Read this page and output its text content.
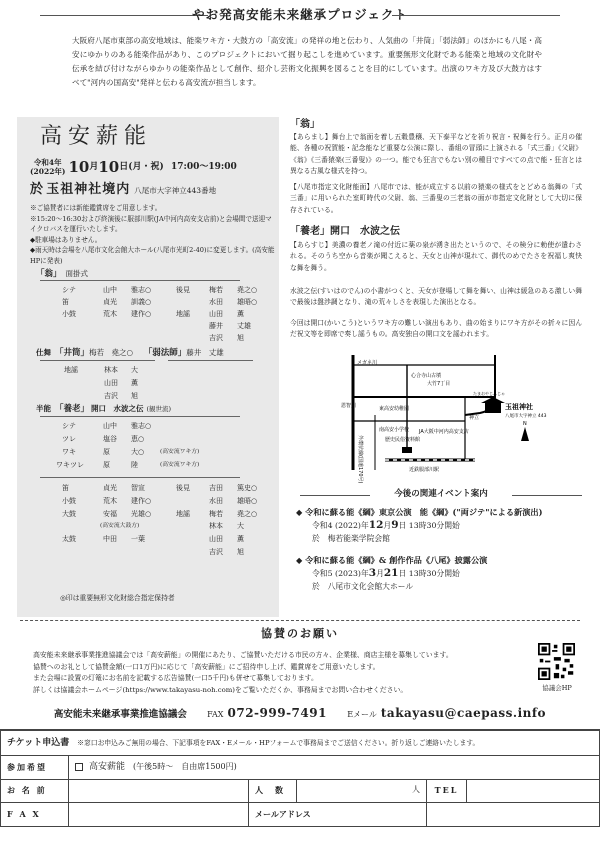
やお発高安能未来継承プロジェクト
大阪府八尾市東部の高安地域は、能楽ワキ方・大鼓方の「高安流」の発祥の地と伝わり、人気曲の「井筒」「弱法師」のほかにも八尾・高安にゆかりのある能楽作品があり、このプロジェクトにおいて掘り起こしを進めています。重要無形文化財である能楽と地域の文化財や伝承を結び付けながらゆかりの能楽作品として創作、紹介し芸術文化振興を図ることを目的にしています。出演のワキ方及び大鼓方はすべて"河内の国高安"発祥と伝わる高安流が担当します。
高安薪能
令和4年
(2022年) 10月10日(月・祝) 17:00～19:00
於 玉祖神社境内 八尾市大字神立443番地
※ご協賛者には新能鑑賞席をご用意します。
※15:20～16:30および終演後に服部川駅(JA中河内高安支店前)と会場間で送迎マイクロバスを運行いたします。
◆駐車場はありません。
◆雨天時は会場を八尾市文化会館大ホール(八尾市光町2-40)に変更します。(高安能HPに発表)
「翁」 面掛式
シテ	山中 雅志○	後見	梅若 堯之○
笛	貞光 訓義○	水田 雄晤○
小鼓	荒木 建作○	地謡	山田 薫
藤井 丈雄
吉沢 旭
仕舞 「井筒」梅若　堯之○ 「弱法師」藤井　丈雄
地謡	林本 大
山田 薫
吉沢 旭
半能 「養老」 開口　水波之伝 (観世流)
シテ	山中 雅志○
ツレ	塩谷 恵○
ワキ	原	大○	(高安流ワキ方)
ワキツレ	原	陸	(高安流ワキ方)
笛	貞光 智宣	後見	吉田 篤史○
小鼓	荒木 建作○	水田 雄晤○
大鼓	安福 光雄○	地謡	梅若 堯之○
(高安流大鼓方)	林本 大
太鼓	中田 一葉	山田 薫
吉沢 旭
◎印は重要無形文化財総合指定保持者
「翁」
【あらまし】舞台上で翁面を着し五穀豊穣、天下泰平などを祈り祝言・祝舞を行う。正月の催能、各種の祝賀能・記念能など重要な公演に際し、番組の冒頭に上演される「式三番」《父尉》《翁》《三番猿楽(三番叟)》の一つ。能でも狂言でもない別の種目ですべての点で能・狂言とは異なる古風な様式を持つ。
【八尾市指定文化財能面】八尾市では、能が成立する以前の猿楽の様式をとどめる翁舞の「式三番」に用いられた室町時代の父尉、翁、三番叟の三老翁の面が市指定文化財として大切に保存されている。
「養老」開口　水波之伝
【あらすじ】美濃の養老ノ滝の付近に薬の泉が湧き出たというので、その検分に勅使が遣わされる。そのうち空から音楽が聞こえると、天女と山神が現れて、御代のめでたさを祝福し爽快な舞を舞う。
水波之伝(すいはのでん)の小書がつくと、天女が登場して舞を舞い、山神は緩急のある激しい舞で最後は盤渉調となり、滝の荒々しさを表現した演出となる。
今回は開口(かいこう)というワキ方の難しい演出もあり、曲の始まりにワキ方がその折々に因んだ祝文等を即席で奏し謡うもの。高安独自の開口文を謡われます。
メガネ川
心合寺山古墳
大竹7丁目
外環状線(国道170号)
東高安幼稚園
南高安小学校
恩智川
歴史民俗資料館
JA大阪中河内高安支店
神立
N
近鉄服部川駅
たまおやじんじゃ
玉祖神社
八尾市大字神立 443
今後の関連イベント案内
◆ 令和に蘇る能《綱》東京公演　能《綱》("両ジテ"による新演出)
令和4 (2022)年12月9日 13時30分開始
於　梅若能楽学院会館
◆ 令和に蘇る能《綱》& 創作作品《八尾》披露公演
令和5 (2023)年3月21日 13時30分開始
於　八尾市文化会館大ホール
協賛のお願い
高安能未来継承事業推進協議会では「高安薪能」の開催にあたり、ご協賛いただける市民の方々、企業様、商店主様を募集しています。
協賛へのお礼として協賛金額(一口1万円)に応じて「高安薪能」にご招待申し上げ、鑑賞席をご用意いたします。
また会場に設置の灯篭にお名前を記載する広告協賛(一口5千円)も併せて募集しております。
詳しくは協議会ホームページ(https://www.takayasu-noh.com)をご覧いただくか、事務局までお問い合わせください。	協議会HP
高安能未来継承事業推進協議会	FAX 072-999-7491	Eメール takayasu@caepass.info
チケット申込書 ※窓口お申込みご無用の場合、下記事項をFAX・Eメール・HPフォームで事務局までご送信ください。折り返しご連絡いたします。					
参加希望	高安薪能 (午後5時～　自由席1500円)				
お 名 前		人　数	人	TEL	
F A X		メールアドレス			
